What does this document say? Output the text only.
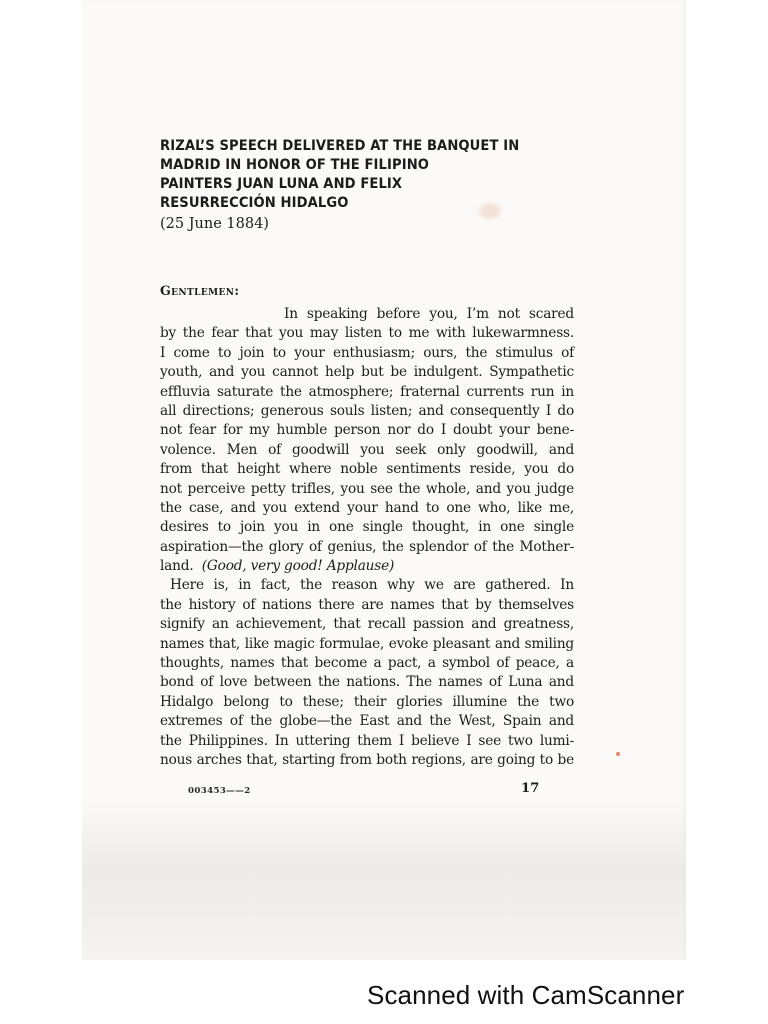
RIZAL’S SPEECH DELIVERED AT THE BANQUET IN
MADRID IN HONOR OF THE FILIPINO
PAINTERS JUAN LUNA AND FELIX
RESURRECCIÓN HIDALGO
(25 June 1884)
Gentlemen:
In speaking before you, I’m not scared
by the fear that you may listen to me with lukewarmness.
I come to join to your enthusiasm; ours, the stimulus of
youth, and you cannot help but be indulgent. Sympathetic
effluvia saturate the atmosphere; fraternal currents run in
all directions; generous souls listen; and consequently I do
not fear for my humble person nor do I doubt your bene-
volence. Men of goodwill you seek only goodwill, and
from that height where noble sentiments reside, you do
not perceive petty trifles, you see the whole, and you judge
the case, and you extend your hand to one who, like me,
desires to join you in one single thought, in one single
aspiration—the glory of genius, the splendor of the Mother-
land. (Good, very good! Applause)
Here is, in fact, the reason why we are gathered. In
the history of nations there are names that by themselves
signify an achievement, that recall passion and greatness,
names that, like magic formulae, evoke pleasant and smiling
thoughts, names that become a pact, a symbol of peace, a
bond of love between the nations. The names of Luna and
Hidalgo belong to these; their glories illumine the two
extremes of the globe—the East and the West, Spain and
the Philippines. In uttering them I believe I see two lumi-
nous arches that, starting from both regions, are going to be
003453——2	17
Scanned with CamScanner
